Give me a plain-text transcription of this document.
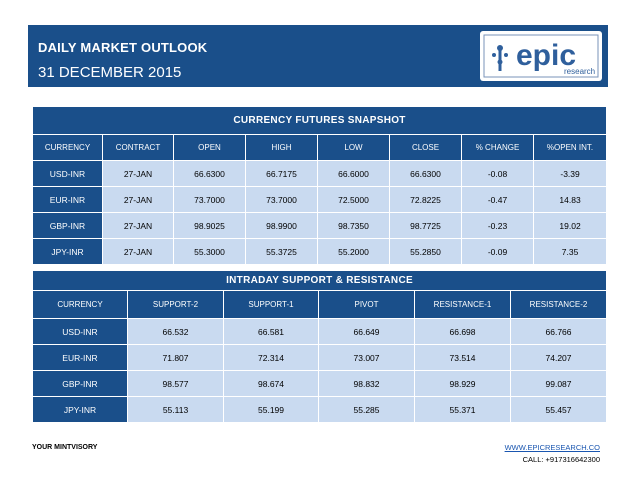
DAILY MARKET OUTLOOK
31 DECEMBER 2015
epic
research
CURRENCY FUTURES SNAPSHOT							
CURRENCY	CONTRACT	OPEN	HIGH	LOW	CLOSE	% CHANGE	%OPEN INT.
USD-INR	27-JAN	66.6300	66.7175	66.6000	66.6300	-0.08	-3.39
EUR-INR	27-JAN	73.7000	73.7000	72.5000	72.8225	-0.47	14.83
GBP-INR	27-JAN	98.9025	98.9900	98.7350	98.7725	-0.23	19.02
JPY-INR	27-JAN	55.3000	55.3725	55.2000	55.2850	-0.09	7.35
INTRADAY SUPPORT & RESISTANCE					
CURRENCY	SUPPORT-2	SUPPORT-1	PIVOT	RESISTANCE-1	RESISTANCE-2
USD-INR	66.532	66.581	66.649	66.698	66.766
EUR-INR	71.807	72.314	73.007	73.514	74.207
GBP-INR	98.577	98.674	98.832	98.929	99.087
JPY-INR	55.113	55.199	55.285	55.371	55.457
YOUR MINTVISORY	WWW.EPICRESEARCH.CO
CALL: +917316642300
